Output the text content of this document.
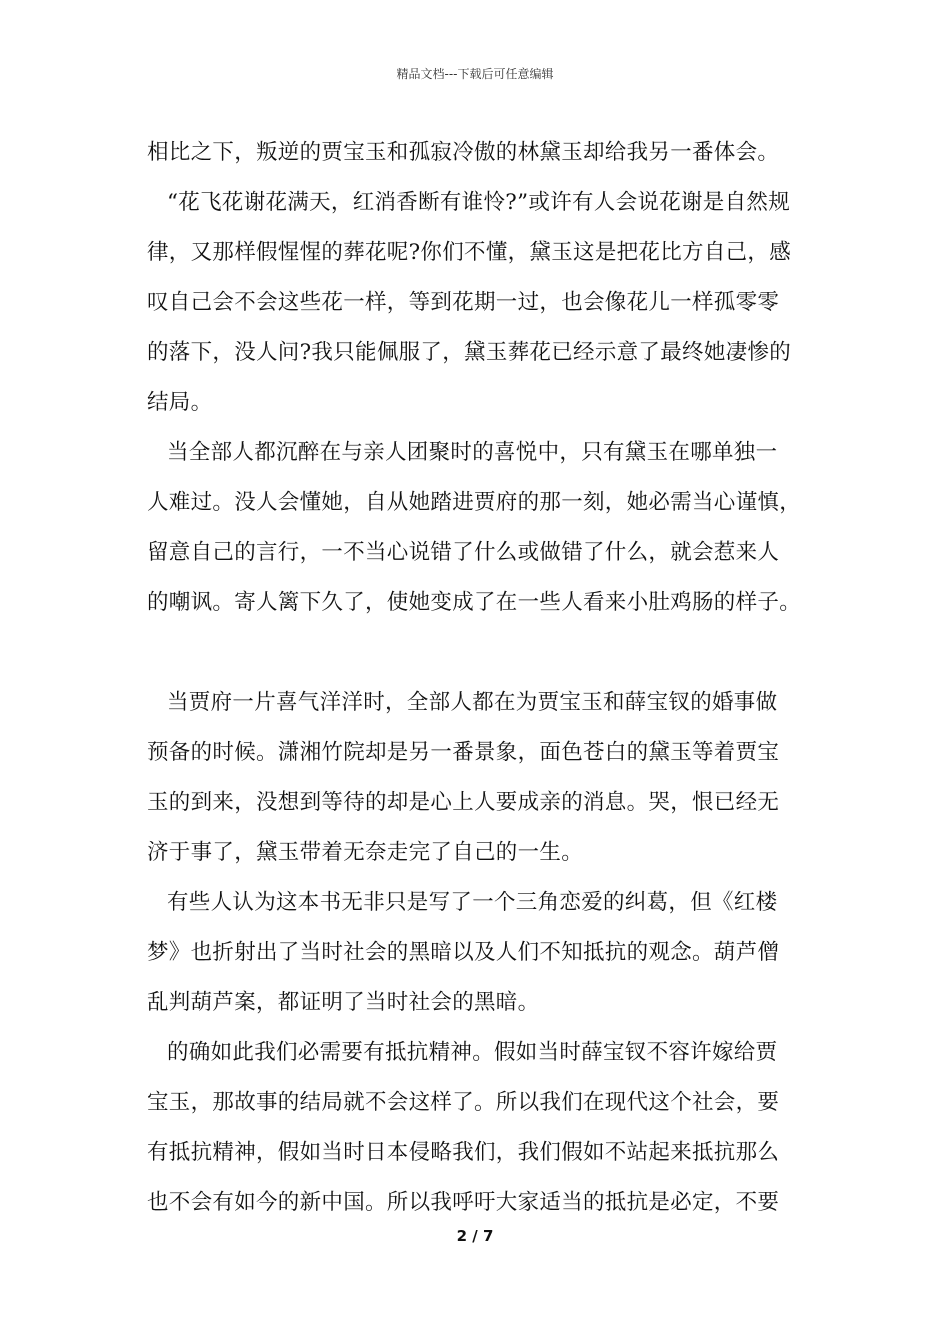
精品文档---下载后可任意编辑
相比之下，叛逆的贾宝玉和孤寂冷傲的林黛玉却给我另一番体会。
“花飞花谢花满天，红消香断有谁怜?”或许有人会说花谢是自然规
律，又那样假惺惺的葬花呢?你们不懂，黛玉这是把花比方自己，感
叹自己会不会这些花一样，等到花期一过，也会像花儿一样孤零零
的落下，没人问?我只能佩服了，黛玉葬花已经示意了最终她凄惨的
结局。
当全部人都沉醉在与亲人团聚时的喜悦中，只有黛玉在哪单独一
人难过。没人会懂她，自从她踏进贾府的那一刻，她必需当心谨慎，
留意自己的言行，一不当心说错了什么或做错了什么，就会惹来人
的嘲讽。寄人篱下久了，使她变成了在一些人看来小肚鸡肠的样子。
当贾府一片喜气洋洋时，全部人都在为贾宝玉和薛宝钗的婚事做
预备的时候。潇湘竹院却是另一番景象，面色苍白的黛玉等着贾宝
玉的到来，没想到等待的却是心上人要成亲的消息。哭，恨已经无
济于事了，黛玉带着无奈走完了自己的一生。
有些人认为这本书无非只是写了一个三角恋爱的纠葛，但《红楼
梦》也折射出了当时社会的黑暗以及人们不知抵抗的观念。葫芦僧
乱判葫芦案，都证明了当时社会的黑暗。
的确如此我们必需要有抵抗精神。假如当时薛宝钗不容许嫁给贾
宝玉，那故事的结局就不会这样了。所以我们在现代这个社会，要
有抵抗精神，假如当时日本侵略我们，我们假如不站起来抵抗那么
也不会有如今的新中国。所以我呼吁大家适当的抵抗是必定，不要
2 / 7
